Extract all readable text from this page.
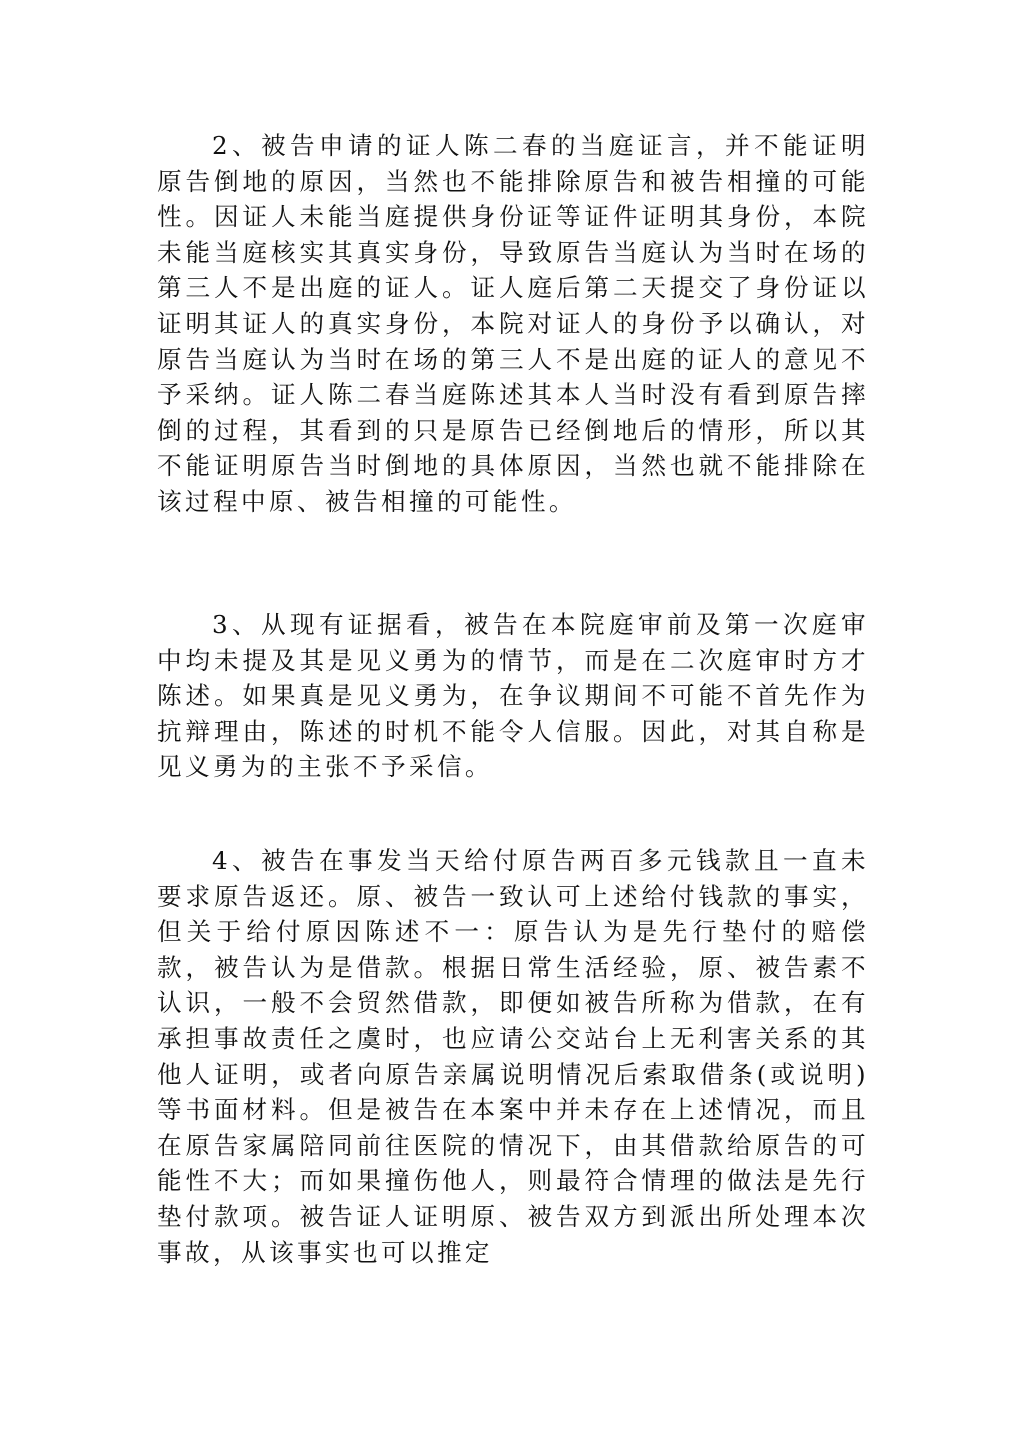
2、被告申请的证人陈二春的当庭证言，并不能证明原告倒地的原因，当然也不能排除原告和被告相撞的可能性。因证人未能当庭提供身份证等证件证明其身份，本院未能当庭核实其真实身份，导致原告当庭认为当时在场的第三人不是出庭的证人。证人庭后第二天提交了身份证以证明其证人的真实身份，本院对证人的身份予以确认，对原告当庭认为当时在场的第三人不是出庭的证人的意见不予采纳。证人陈二春当庭陈述其本人当时没有看到原告摔倒的过程，其看到的只是原告已经倒地后的情形，所以其不能证明原告当时倒地的具体原因，当然也就不能排除在该过程中原、被告相撞的可能性。

3、从现有证据看，被告在本院庭审前及第一次庭审中均未提及其是见义勇为的情节，而是在二次庭审时方才陈述。如果真是见义勇为，在争议期间不可能不首先作为抗辩理由，陈述的时机不能令人信服。因此，对其自称是见义勇为的主张不予采信。

4、被告在事发当天给付原告两百多元钱款且一直未要求原告返还。原、被告一致认可上述给付钱款的事实，但关于给付原因陈述不一：原告认为是先行垫付的赔偿款，被告认为是借款。根据日常生活经验，原、被告素不认识，一般不会贸然借款，即便如被告所称为借款，在有承担事故责任之虞时，也应请公交站台上无利害关系的其他人证明，或者向原告亲属说明情况后索取借条(或说明)等书面材料。但是被告在本案中并未存在上述情况，而且在原告家属陪同前往医院的情况下，由其借款给原告的可能性不大；而如果撞伤他人，则最符合情理的做法是先行垫付款项。被告证人证明原、被告双方到派出所处理本次事故，从该事实也可以推定
